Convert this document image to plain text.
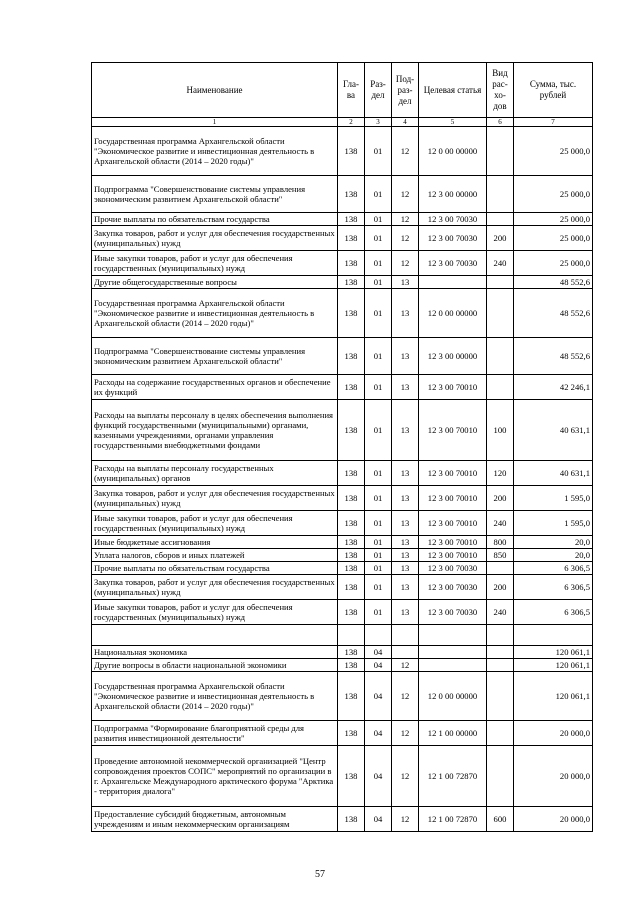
Наименование	Гла-ва	Раз-дел	Под-раз-дел	Целевая статья	Вид рас-хо-дов	Сумма, тыс. рублей
1	2	3	4	5	6	7
Государственная программа Архангельской области "Экономическое развитие и инвестиционная деятельность в Архангельской области (2014 – 2020 годы)"	138	01	12	12 0 00 00000		25 000,0
Подпрограмма "Совершенствование системы управления экономическим развитием Архангельской области"	138	01	12	12 3 00 00000		25 000,0
Прочие выплаты по обязательствам государства	138	01	12	12 3 00 70030		25 000,0
Закупка товаров, работ и услуг для обеспечения государственных (муниципальных) нужд	138	01	12	12 3 00 70030	200	25 000,0
Иные закупки товаров, работ и услуг для обеспечения государственных (муниципальных) нужд	138	01	12	12 3 00 70030	240	25 000,0
Другие общегосударственные вопросы	138	01	13			48 552,6
Государственная программа Архангельской области "Экономическое развитие и инвестиционная деятельность в Архангельской области (2014 – 2020 годы)"	138	01	13	12 0 00 00000		48 552,6
Подпрограмма "Совершенствование системы управления экономическим развитием Архангельской области"	138	01	13	12 3 00 00000		48 552,6
Расходы на содержание государственных органов и обеспечение их функций	138	01	13	12 3 00 70010		42 246,1
Расходы на выплаты персоналу в целях обеспечения выполнения функций государственными (муниципальными) органами, казенными учреждениями, органами управления государственными внебюджетными фондами	138	01	13	12 3 00 70010	100	40 631,1
Расходы на выплаты персоналу государственных (муниципальных) органов	138	01	13	12 3 00 70010	120	40 631,1
Закупка товаров, работ и услуг для обеспечения государственных (муниципальных) нужд	138	01	13	12 3 00 70010	200	1 595,0
Иные закупки товаров, работ и услуг для обеспечения государственных (муниципальных) нужд	138	01	13	12 3 00 70010	240	1 595,0
Иные бюджетные ассигнования	138	01	13	12 3 00 70010	800	20,0
Уплата налогов, сборов и иных платежей	138	01	13	12 3 00 70010	850	20,0
Прочие выплаты по обязательствам государства	138	01	13	12 3 00 70030		6 306,5
Закупка товаров, работ и услуг для обеспечения государственных (муниципальных) нужд	138	01	13	12 3 00 70030	200	6 306,5
Иные закупки товаров, работ и услуг для обеспечения государственных (муниципальных) нужд	138	01	13	12 3 00 70030	240	6 306,5

Национальная экономика	138	04				120 061,1
Другие вопросы в области национальной экономики	138	04	12			120 061,1
Государственная программа Архангельской области "Экономическое развитие и инвестиционная деятельность в Архангельской области (2014 – 2020 годы)"	138	04	12	12 0 00 00000		120 061,1
Подпрограмма "Формирование благоприятной среды для развития инвестиционной деятельности"	138	04	12	12 1 00 00000		20 000,0
Проведение автономной некоммерческой организацией "Центр сопровождения проектов СОПС" мероприятий по организации в г. Архангельске Международного арктического форума "Арктика - территория диалога"	138	04	12	12 1 00 72870		20 000,0
Предоставление субсидий бюджетным, автономным учреждениям и иным некоммерческим организациям	138	04	12	12 1 00 72870	600	20 000,0
57
